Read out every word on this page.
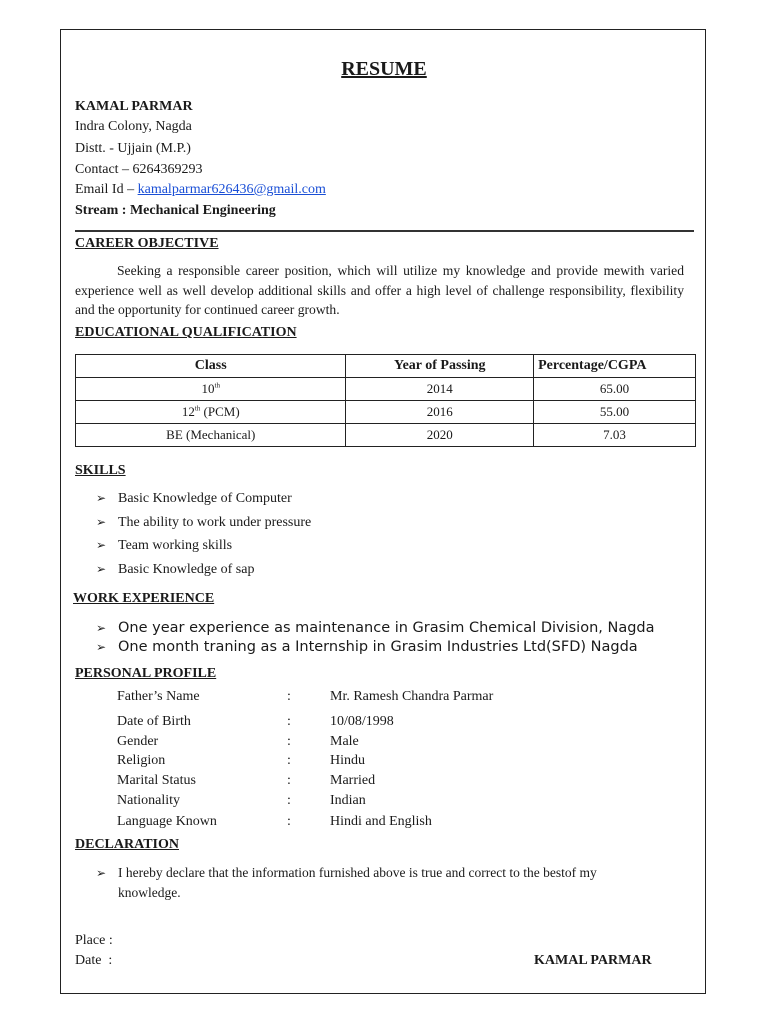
RESUME
KAMAL PARMAR
Indra Colony, Nagda
Distt. - Ujjain (M.P.)
Contact – 6264369293
Email Id – kamalparmar626436@gmail.com
Stream : Mechanical Engineering
CAREER OBJECTIVE
Seeking a responsible career position, which will utilize my knowledge and provide mewith varied experience well as well develop additional skills and offer a high level of challenge responsibility, flexibility and the opportunity for continued career growth.
EDUCATIONAL QUALIFICATION
Class	Year of Passing	Percentage/CGPA
10th	2014	65.00
12th (PCM)	2016	55.00
BE (Mechanical)	2020	7.03
SKILLS
➢ Basic Knowledge of Computer
➢ The ability to work under pressure
➢ Team working skills
➢ Basic Knowledge of sap
WORK EXPERIENCE
➢ One year experience as maintenance in Grasim Chemical Division, Nagda
➢ One month traning as a Internship in Grasim Industries Ltd(SFD) Nagda
PERSONAL PROFILE
Father’s Name	:	Mr. Ramesh Chandra Parmar
Date of Birth	:	10/08/1998
Gender	:	Male
Religion	:	Hindu
Marital Status	:	Married
Nationality	:	Indian
Language Known	:	Hindi and English
DECLARATION
➢ I hereby declare that the information furnished above is true and correct to the bestof my knowledge.
Place :
Date  :	KAMAL PARMAR
